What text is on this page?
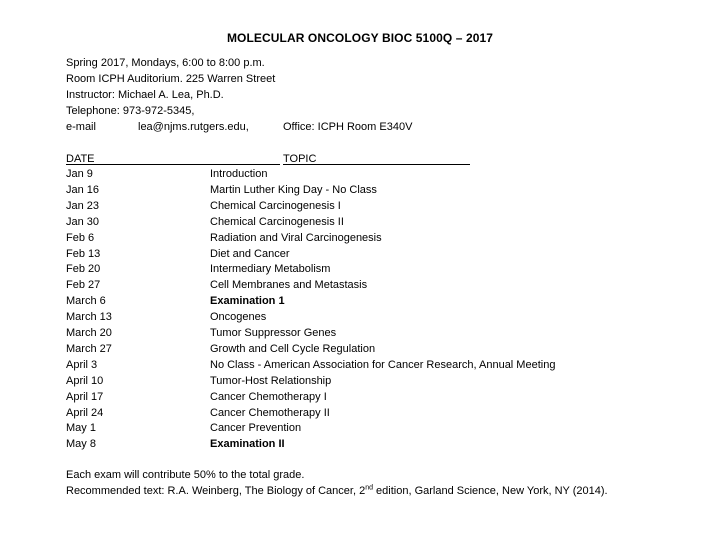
MOLECULAR ONCOLOGY BIOC 5100Q – 2017
Spring 2017, Mondays, 6:00 to 8:00 p.m.
Room ICPH Auditorium. 225 Warren Street
Instructor: Michael A. Lea, Ph.D.
Telephone: 973-972-5345,
e-mail	lea@njms.rutgers.edu,	Office: ICPH Room E340V
DATE	TOPIC
Jan 9	Introduction
Jan 16	Martin Luther King Day - No Class
Jan 23	Chemical Carcinogenesis I
Jan 30	Chemical Carcinogenesis II
Feb 6	Radiation and Viral Carcinogenesis
Feb 13	Diet and Cancer
Feb 20	Intermediary Metabolism
Feb 27	Cell Membranes and Metastasis
March 6	Examination 1
March 13	Oncogenes
March 20	Tumor Suppressor Genes
March 27	Growth and Cell Cycle Regulation
April 3	No Class - American Association for Cancer Research, Annual Meeting
April 10	Tumor-Host Relationship
April 17	Cancer Chemotherapy I
April 24	Cancer Chemotherapy II
May 1	Cancer Prevention
May 8	Examination II
Each exam will contribute 50% to the total grade.
Recommended text: R.A. Weinberg, The Biology of Cancer, 2nd edition, Garland Science, New York, NY (2014).
